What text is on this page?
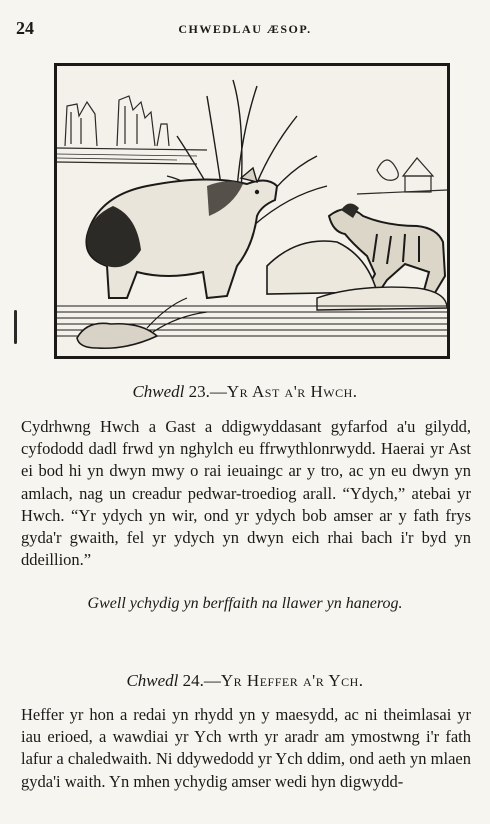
24	CHWEDLAU ÆSOP.
Chwedl 23.—Yr Ast a'r Hwch.

Cydrhwng Hwch a Gast a ddigwyddasant gyfarfod a'u gilydd, cyfododd dadl frwd yn nghylch eu ffrwythlonrwydd. Haerai yr Ast ei bod hi yn dwyn mwy o rai ieuaingc ar y tro, ac yn eu dwyn yn amlach, nag un creadur pedwar-troediog arall. “Ydych,” atebai yr Hwch. “Yr ydych yn wir, ond yr ydych bob amser ar y fath frys gyda'r gwaith, fel yr ydych yn dwyn eich rhai bach i'r byd yn ddeillion.”

Gwell ychydig yn berffaith na llawer yn hanerog.
Chwedl 24.—Yr Heffer a'r Ych.

Heffer yr hon a redai yn rhydd yn y maesydd, ac ni theimlasai yr iau erioed, a wawdiai yr Ych wrth yr aradr am ymostwng i'r fath lafur a chaledwaith. Ni ddywedodd yr Ych ddim, ond aeth yn mlaen gyda'i waith. Yn mhen ychydig amser wedi hyn digwydd-
